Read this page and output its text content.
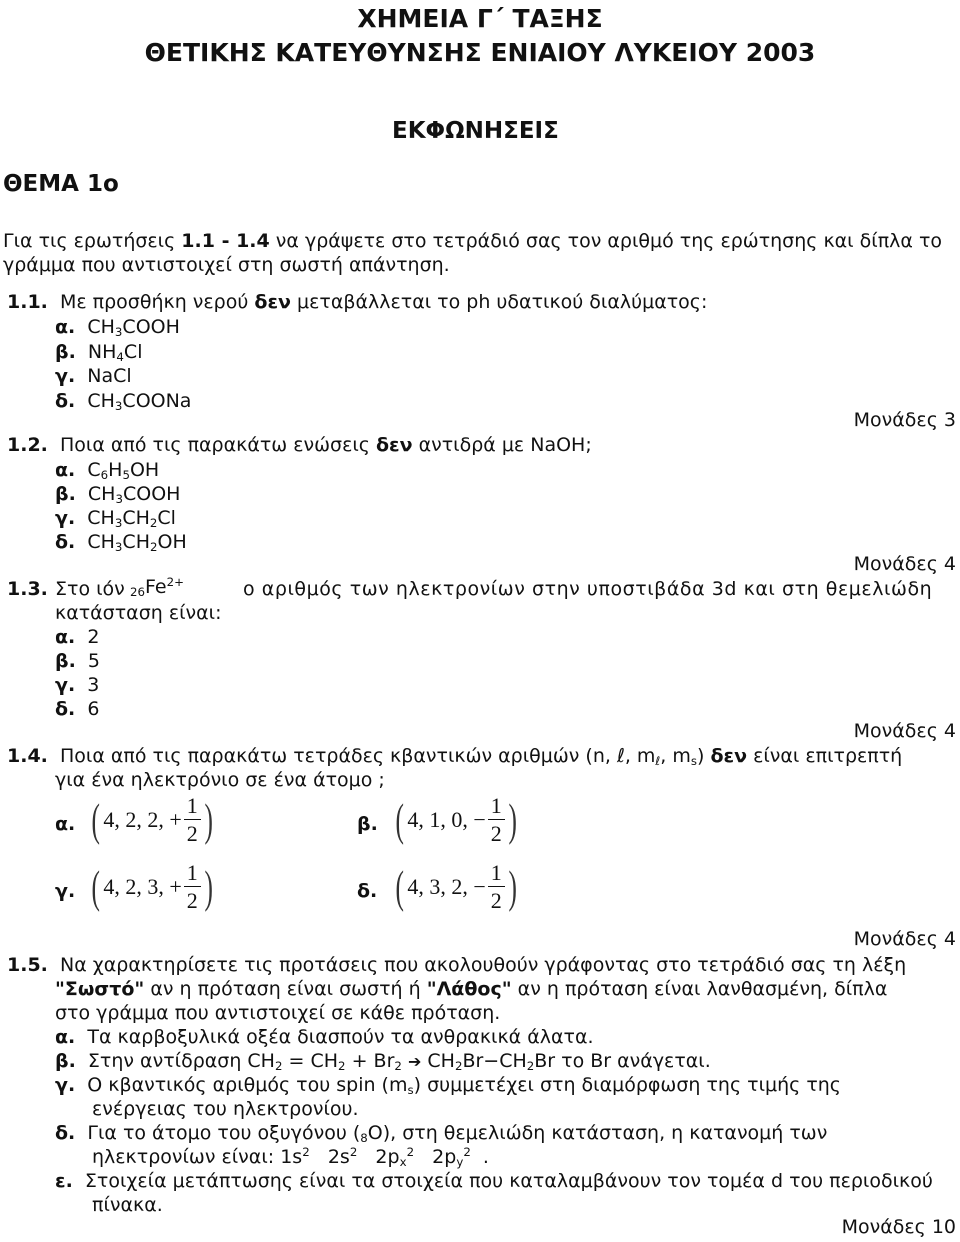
ΧΗΜΕΙΑ Γ΄ ΤΑΞΗΣ
ΘΕΤΙΚΗΣ ΚΑΤΕΥΘΥΝΣΗΣ ΕΝΙΑΙΟΥ ΛΥΚΕΙΟΥ 2003
ΕΚΦΩΝΗΣΕΙΣ
ΘΕΜΑ 1ο
Για τις ερωτήσεις 1.1 - 1.4 να γράψετε στο τετράδιό σας τον αριθμό της ερώτησης και δίπλα το
γράμμα που αντιστοιχεί στη σωστή απάντηση.
1.1. Με προσθήκη νερού δεν μεταβάλλεται το ph υδατικού διαλύματος:
α.  $CH_3COOH$
β.  $NH_4Cl$
γ.  NaCl
δ.  $CH_3COONa$
Μονάδες 3
1.2. Ποια από τις παρακάτω ενώσεις δεν αντιδρά με NaOH;
α.  $C_6H_5OH$
β.  $CH_3COOH$
γ.  $CH_3CH_2Cl$
δ.  $CH_3CH_2OH$
Μονάδες 4
1.3. Στο ιόν $_{26}Fe^{2+}$	ο αριθμός των ηλεκτρονίων στην υποστιβάδα 3d και στη θεμελιώδη
κατάσταση είναι:
α. 2
β. 5
γ. 3
δ. 6
Μονάδες 4
1.4. Ποια από τις παρακάτω τετράδες κβαντικών αριθμών (n, ℓ, $m_\ell$, $m_s$) δεν είναι επιτρεπτή
για ένα ηλεκτρόνιο σε ένα άτομο ;
α. ( 4, 2, 2, + $\frac{1}{2}$ )	β. ( 4, 1, 0, − $\frac{1}{2}$ )
γ. ( 4, 2, 3, + $\frac{1}{2}$ )	δ. ( 4, 3, 2, − $\frac{1}{2}$ )
Μονάδες 4
1.5. Να χαρακτηρίσετε τις προτάσεις που ακολουθούν γράφοντας στο τετράδιό σας τη λέξη
"Σωστό" αν η πρόταση είναι σωστή ή "Λάθος" αν η πρόταση είναι λανθασμένη, δίπλα
στο γράμμα που αντιστοιχεί σε κάθε πρόταση.
α. Τα καρβοξυλικά οξέα διασπούν τα ανθρακικά άλατα.
β. Στην αντίδραση $CH_2 = CH_2 + Br_2$ ➔ $CH_2Br-CH_2Br$ το Br ανάγεται.
γ. Ο κβαντικός αριθμός του spin $(m_s)$ συμμετέχει στη διαμόρφωση της τιμής της
ενέργειας του ηλεκτρονίου.
δ. Για το άτομο του οξυγόνου $(_8O)$, στη θεμελιώδη κατάσταση, η κατανομή των
ηλεκτρονίων είναι: $1s^2$   $2s^2$   $2p_x^2$   $2p_y^2$  .
ε. Στοιχεία μετάπτωσης είναι τα στοιχεία που καταλαμβάνουν τον τομέα d του περιοδικού
πίνακα.
Μονάδες 10
